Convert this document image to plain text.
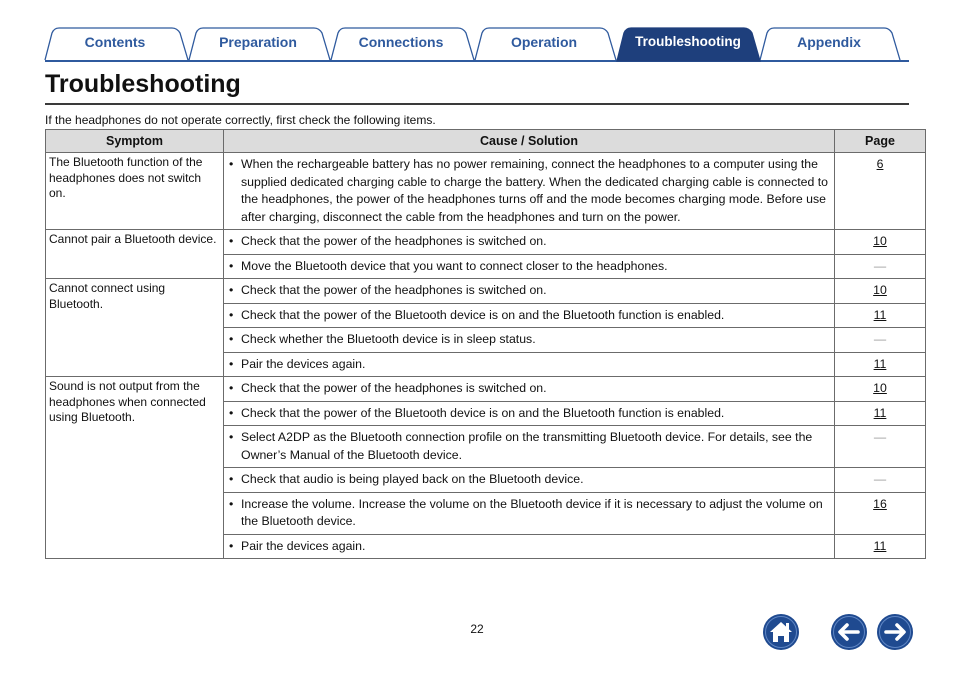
Contents	Preparation	Connections	Operation	Troubleshooting	Appendix
Troubleshooting

If the headphones do not operate correctly, first check the following items.

Symptom	Cause / Solution	Page
The Bluetooth function of the headphones does not switch on.	• When the rechargeable battery has no power remaining, connect the headphones to a computer using the supplied dedicated charging cable to charge the battery. When the dedicated charging cable is connected to the headphones, the power of the headphones turns off and the mode becomes charging mode. Before use after charging, disconnect the cable from the headphones and turn on the power.	6
Cannot pair a Bluetooth device.	• Check that the power of the headphones is switched on.	10

	• Move the Bluetooth device that you want to connect closer to the headphones.	—
Cannot connect using Bluetooth.	• Check that the power of the headphones is switched on.	10

	• Check that the power of the Bluetooth device is on and the Bluetooth function is enabled.	11

	• Check whether the Bluetooth device is in sleep status.	—

	• Pair the devices again.	11
Sound is not output from the headphones when connected using Bluetooth.	• Check that the power of the headphones is switched on.	10

	• Check that the power of the Bluetooth device is on and the Bluetooth function is enabled.	11

	• Select A2DP as the Bluetooth connection profile on the transmitting Bluetooth device. For details, see the Owner’s Manual of the Bluetooth device.	—

	• Check that audio is being played back on the Bluetooth device.	—

	• Increase the volume. Increase the volume on the Bluetooth device if it is necessary to adjust the volume on the Bluetooth device.	16

	• Pair the devices again.	11
22
